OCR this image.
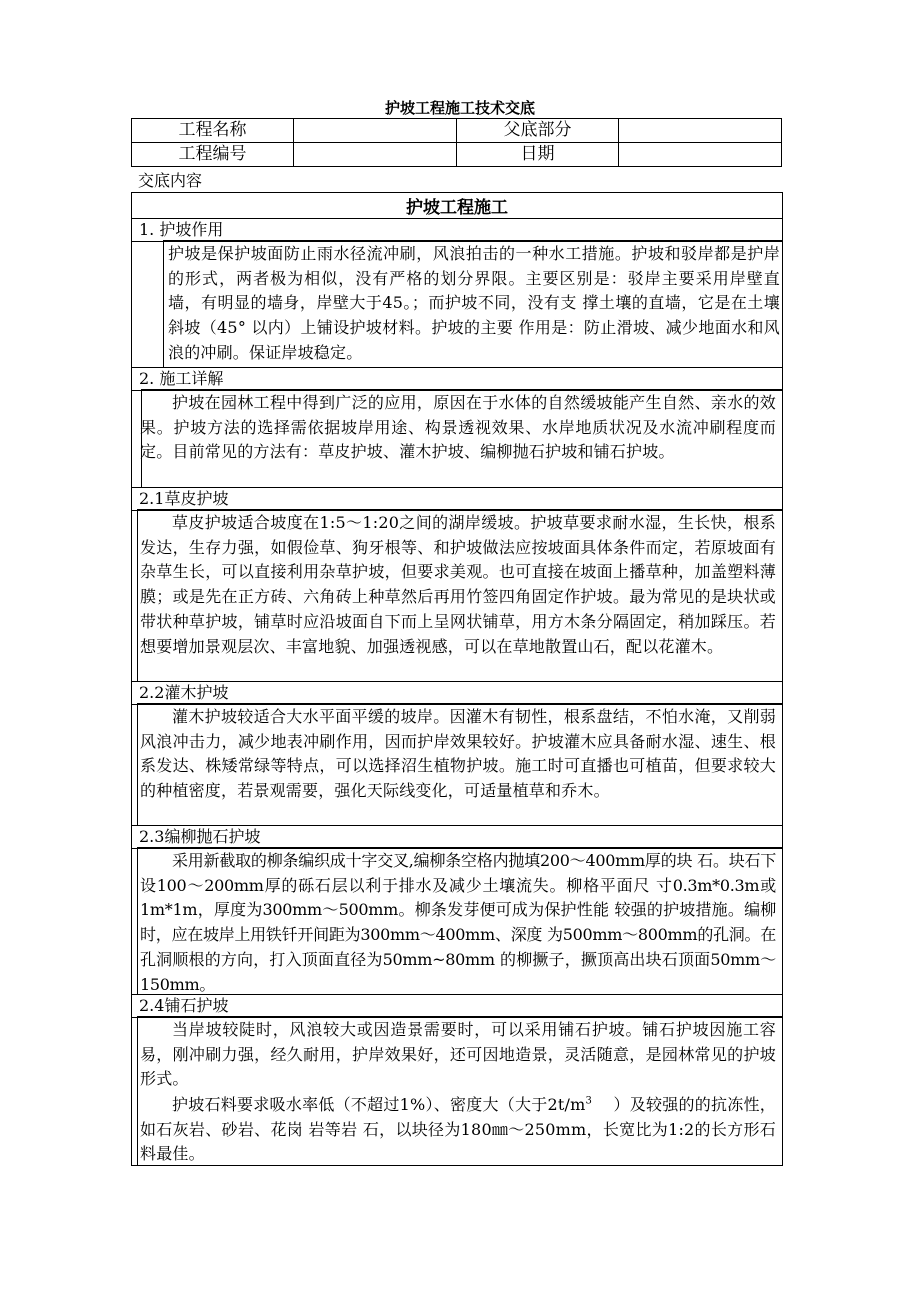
护坡工程施工技术交底
工程名称		父底部分	
工程编号		日期	
交底内容
护坡工程施工
1. 护坡作用

护坡是保护坡面防止雨水径流冲刷，风浪拍击的一种水工措施。护坡和驳岸都是护岸的形式，两者极为相似，没有严格的划分界限。主要区别是：驳岸主要采用岸壁直墙，有明显的墙身，岸壁大于45。；而护坡不同，没有支 撑土壤的直墙，它是在土壤斜坡（45° 以内）上铺设护坡材料。护坡的主要 作用是：防止滑坡、减少地面水和风浪的冲刷。保证岸坡稳定。

2. 施工详解

护坡在园林工程中得到广泛的应用，原因在于水体的自然缓坡能产生自然、亲水的效果。护坡方法的选择需依据坡岸用途、构景透视效果、水岸地质状况及水流冲刷程度而定。目前常见的方法有：草皮护坡、灌木护坡、编柳抛石护坡和铺石护坡。

2.1草皮护坡

草皮护坡适合坡度在1:5〜1:20之间的湖岸缓坡。护坡草要求耐水湿，生长快，根系发达，生存力强，如假俭草、狗牙根等、和护坡做法应按坡面具体条件而定，若原坡面有杂草生长，可以直接利用杂草护坡，但要求美观。也可直接在坡面上播草种，加盖塑料薄膜；或是先在正方砖、六角砖上种草然后再用竹签四角固定作护坡。最为常见的是块状或带状种草护坡，铺草时应沿坡面自下而上呈网状铺草，用方木条分隔固定，稍加踩压。若想要增加景观层次、丰富地貌、加强透视感，可以在草地散置山石，配以花灌木。

2.2灌木护坡

灌木护坡较适合大水平面平缓的坡岸。因灌木有韧性，根系盘结，不怕水淹，又削弱风浪冲击力，减少地表冲刷作用，因而护岸效果较好。护坡灌木应具备耐水湿、速生、根系发达、株矮常绿等特点，可以选择沼生植物护坡。施工时可直播也可植苗，但要求较大的种植密度，若景观需要，强化天际线变化，可适量植草和乔木。

2.3编柳抛石护坡

采用新截取的柳条编织成十字交叉,编柳条空格内抛填200〜400mm厚的块 石。块石下设100〜200mm厚的砾石层以利于排水及减少土壤流失。柳格平面尺 寸0.3m*0.3m或1m*1m，厚度为300mm〜500mm。柳条发芽便可成为保护性能 较强的护坡措施。编柳时，应在坡岸上用铁钎开间距为300mm〜400mm、深度 为500mm〜800mm的孔洞。在孔洞顺根的方向，打入顶面直径为50mm~80mm 的柳撅子，撅顶高出块石顶面50mm〜150mm。

2.4铺石护坡

当岸坡较陡时，风浪较大或因造景需要时，可以采用铺石护坡。铺石护坡因施工容易，刚冲刷力强，经久耐用，护岸效果好，还可因地造景，灵活随意，是园林常见的护坡形式。

护坡石料要求吸水率低（不超过1%）、密度大（大于$2t/m^3$    ）及较强的的抗冻性，如石灰岩、砂岩、花岗 岩等岩 石，以块径为180㎜〜250mm，长宽比为1:2的长方形石料最佳。
